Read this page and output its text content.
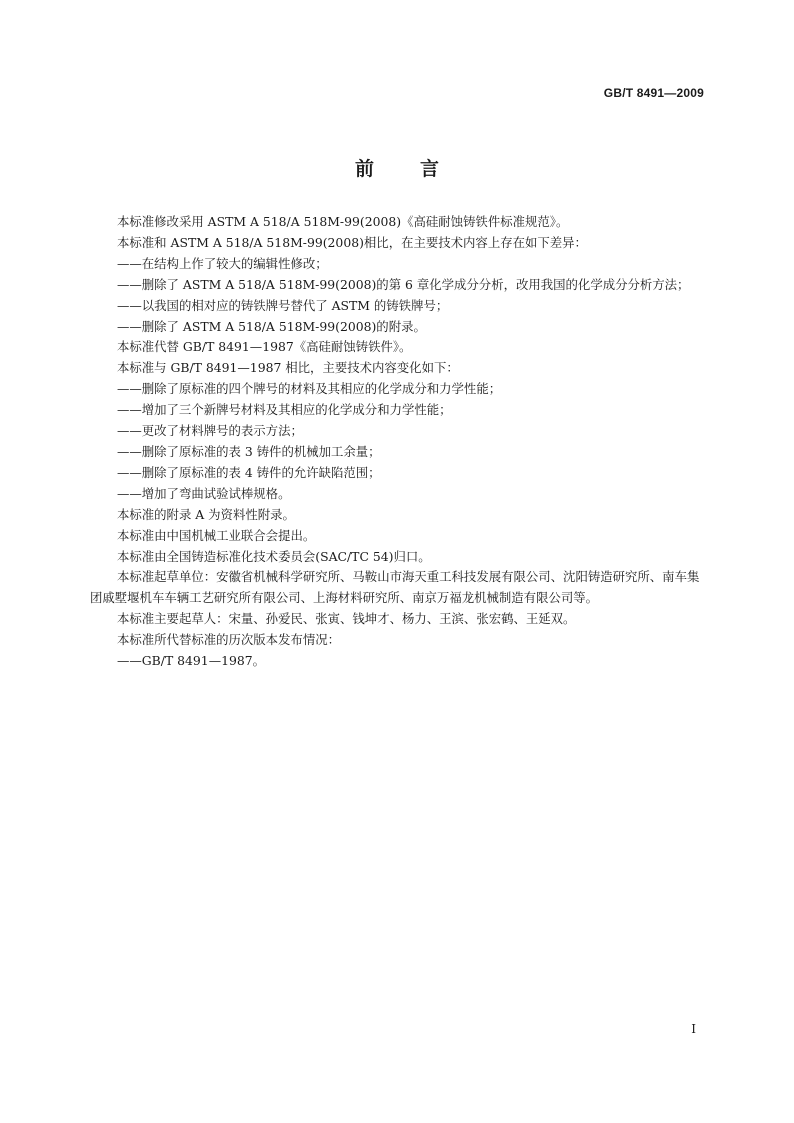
GB/T 8491—2009
前言

本标准修改采用 ASTM A 518/A 518M-99(2008)《高硅耐蚀铸铁件标准规范》。

本标准和 ASTM A 518/A 518M-99(2008)相比，在主要技术内容上存在如下差异：

——在结构上作了较大的编辑性修改；

——删除了 ASTM A 518/A 518M-99(2008)的第 6 章化学成分分析，改用我国的化学成分分析方法；

——以我国的相对应的铸铁牌号替代了 ASTM 的铸铁牌号；

——删除了 ASTM A 518/A 518M-99(2008)的附录。

本标准代替 GB/T 8491—1987《高硅耐蚀铸铁件》。

本标准与 GB/T 8491—1987 相比，主要技术内容变化如下：

——删除了原标准的四个牌号的材料及其相应的化学成分和力学性能；

——增加了三个新牌号材料及其相应的化学成分和力学性能；

——更改了材料牌号的表示方法；

——删除了原标准的表 3 铸件的机械加工余量；

——删除了原标准的表 4 铸件的允许缺陷范围；

——增加了弯曲试验试棒规格。

本标准的附录 A 为资料性附录。

本标准由中国机械工业联合会提出。

本标准由全国铸造标准化技术委员会(SAC/TC 54)归口。

本标准起草单位：安徽省机械科学研究所、马鞍山市海天重工科技发展有限公司、沈阳铸造研究所、南车集团戚墅堰机车车辆工艺研究所有限公司、上海材料研究所、南京万福龙机械制造有限公司等。

本标准主要起草人：宋量、孙爱民、张寅、钱坤才、杨力、王滨、张宏鹤、王延双。

本标准所代替标准的历次版本发布情况：

——GB/T 8491—1987。

I
